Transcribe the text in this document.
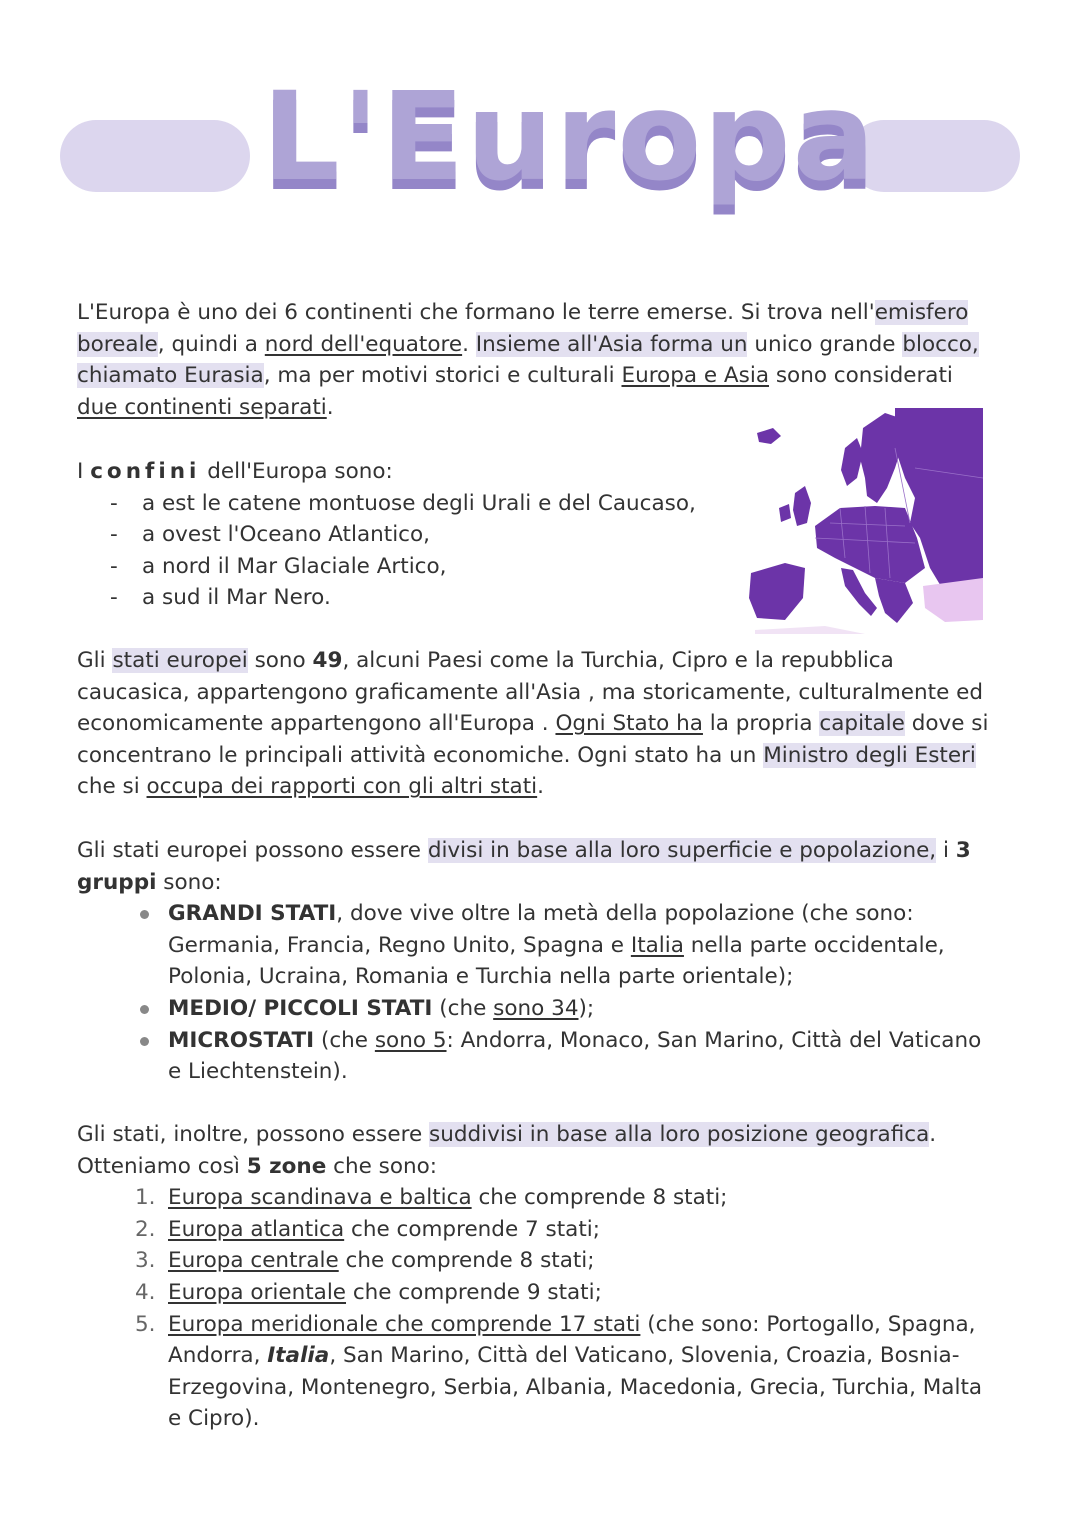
L'Europa

L'Europa è uno dei 6 continenti che formano le terre emerse. Si trova nell'emisfero boreale, quindi a nord dell'equatore. Insieme all'Asia forma un unico grande blocco, chiamato Eurasia, ma per motivi storici e culturali Europa e Asia sono considerati due continenti separati.

I confini dell'Europa sono:
- a est le catene montuose degli Urali e del Caucaso,
- a ovest l'Oceano Atlantico,
- a nord il Mar Glaciale Artico,
- a sud il Mar Nero.

Gli stati europei sono 49, alcuni Paesi come la Turchia, Cipro e la repubblica caucasica, appartengono graficamente all'Asia , ma storicamente, culturalmente ed economicamente appartengono all'Europa . Ogni Stato ha la propria capitale dove si concentrano le principali attività economiche. Ogni stato ha un Ministro degli Esteri che si occupa dei rapporti con gli altri stati.

Gli stati europei possono essere divisi in base alla loro superficie e popolazione, i 3 gruppi sono:
GRANDI STATI, dove vive oltre la metà della popolazione (che sono: Germania, Francia, Regno Unito, Spagna e Italia nella parte occidentale, Polonia, Ucraina, Romania e Turchia nella parte orientale);
MEDIO/ PICCOLI STATI (che sono 34);
MICROSTATI (che sono 5: Andorra, Monaco, San Marino, Città del Vaticano e Liechtenstein).
Gli stati, inoltre, possono essere suddivisi in base alla loro posizione geografica.
Otteniamo così 5 zone che sono:
1. Europa scandinava e baltica che comprende 8 stati;
2. Europa atlantica che comprende 7 stati;
3. Europa centrale che comprende 8 stati;
4. Europa orientale che comprende 9 stati;
5. Europa meridionale che comprende 17 stati (che sono: Portogallo, Spagna, Andorra, Italia, San Marino, Città del Vaticano, Slovenia, Croazia, Bosnia-Erzegovina, Montenegro, Serbia, Albania, Macedonia, Grecia, Turchia, Malta e Cipro).
